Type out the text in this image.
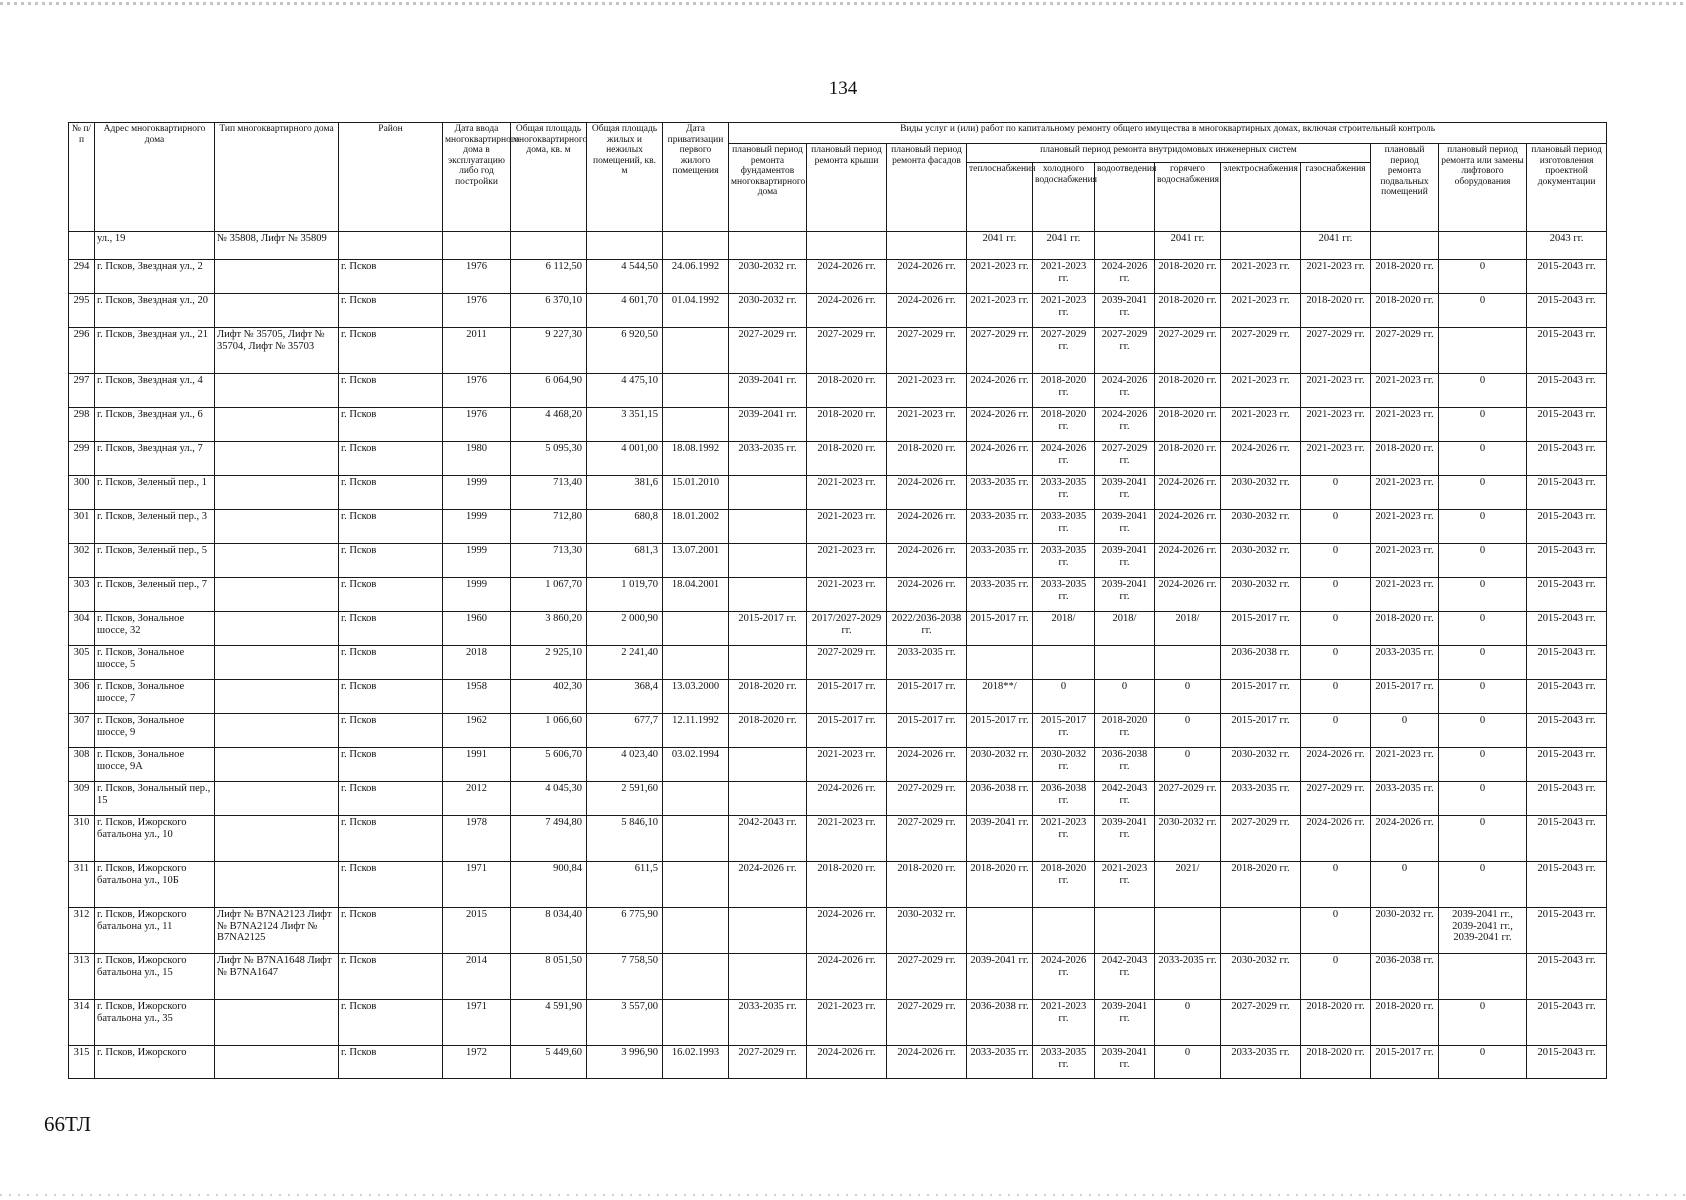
134
№ п/п	Адрес многоквартирного дома	Тип многоквартирного дома	Район	Дата ввода многоквартирного дома в эксплуатацию либо год постройки	Общая площадь многоквартирного дома, кв. м	Общая площадь жилых и нежилых помещений, кв. м	Дата приватизации первого жилого помещения	Виды услуг и (или) работ по капитальному ремонту общего имущества в многоквартирных домах, включая строительный контроль											
								плановый период ремонта фундаментов многоквартирного дома	плановый период ремонта крыши	плановый период ремонта фасадов	плановый период ремонта внутридомовых инженерных систем						плановый период ремонта подвальных помещений	плановый период ремонта или замены лифтового оборудования	плановый период изготовления проектной документации
											теплоснабжения	холодного водоснабжения	водоотведения	горячего водоснабжения	электроснабжения	газоснабжения			
	ул., 19	№ 35808, Лифт № 35809									2041 гг.	2041 гг.		2041 гг.		2041 гг.			2043 гг.
294	г. Псков, Звездная ул., 2		г. Псков	1976	6 112,50	4 544,50	24.06.1992	2030-2032 гг.	2024-2026 гг.	2024-2026 гг.	2021-2023 гг.	2021-2023 гг.	2024-2026 гг.	2018-2020 гг.	2021-2023 гг.	2021-2023 гг.	2018-2020 гг.	0	2015-2043 гг.
295	г. Псков, Звездная ул., 20		г. Псков	1976	6 370,10	4 601,70	01.04.1992	2030-2032 гг.	2024-2026 гг.	2024-2026 гг.	2021-2023 гг.	2021-2023 гг.	2039-2041 гг.	2018-2020 гг.	2021-2023 гг.	2018-2020 гг.	2018-2020 гг.	0	2015-2043 гг.
296	г. Псков, Звездная ул., 21	Лифт № 35705, Лифт № 35704, Лифт № 35703	г. Псков	2011	9 227,30	6 920,50		2027-2029 гг.	2027-2029 гг.	2027-2029 гг.	2027-2029 гг.	2027-2029 гг.	2027-2029 гг.	2027-2029 гг.	2027-2029 гг.	2027-2029 гг.	2027-2029 гг.		2015-2043 гг.
297	г. Псков, Звездная ул., 4		г. Псков	1976	6 064,90	4 475,10		2039-2041 гг.	2018-2020 гг.	2021-2023 гг.	2024-2026 гг.	2018-2020 гг.	2024-2026 гг.	2018-2020 гг.	2021-2023 гг.	2021-2023 гг.	2021-2023 гг.	0	2015-2043 гг.
298	г. Псков, Звездная ул., 6		г. Псков	1976	4 468,20	3 351,15		2039-2041 гг.	2018-2020 гг.	2021-2023 гг.	2024-2026 гг.	2018-2020 гг.	2024-2026 гг.	2018-2020 гг.	2021-2023 гг.	2021-2023 гг.	2021-2023 гг.	0	2015-2043 гг.
299	г. Псков, Звездная ул., 7		г. Псков	1980	5 095,30	4 001,00	18.08.1992	2033-2035 гг.	2018-2020 гг.	2018-2020 гг.	2024-2026 гг.	2024-2026 гг.	2027-2029 гг.	2018-2020 гг.	2024-2026 гг.	2021-2023 гг.	2018-2020 гг.	0	2015-2043 гг.
300	г. Псков, Зеленый пер., 1		г. Псков	1999	713,40	381,6	15.01.2010		2021-2023 гг.	2024-2026 гг.	2033-2035 гг.	2033-2035 гг.	2039-2041 гг.	2024-2026 гг.	2030-2032 гг.	0	2021-2023 гг.	0	2015-2043 гг.
301	г. Псков, Зеленый пер., 3		г. Псков	1999	712,80	680,8	18.01.2002		2021-2023 гг.	2024-2026 гг.	2033-2035 гг.	2033-2035 гг.	2039-2041 гг.	2024-2026 гг.	2030-2032 гг.	0	2021-2023 гг.	0	2015-2043 гг.
302	г. Псков, Зеленый пер., 5		г. Псков	1999	713,30	681,3	13.07.2001		2021-2023 гг.	2024-2026 гг.	2033-2035 гг.	2033-2035 гг.	2039-2041 гг.	2024-2026 гг.	2030-2032 гг.	0	2021-2023 гг.	0	2015-2043 гг.
303	г. Псков, Зеленый пер., 7		г. Псков	1999	1 067,70	1 019,70	18.04.2001		2021-2023 гг.	2024-2026 гг.	2033-2035 гг.	2033-2035 гг.	2039-2041 гг.	2024-2026 гг.	2030-2032 гг.	0	2021-2023 гг.	0	2015-2043 гг.
304	г. Псков, Зональное шоссе, 32		г. Псков	1960	3 860,20	2 000,90		2015-2017 гг.	2017/2027-2029 гг.	2022/2036-2038 гг.	2015-2017 гг.	2018/	2018/	2018/	2015-2017 гг.	0	2018-2020 гг.	0	2015-2043 гг.
305	г. Псков, Зональное шоссе, 5		г. Псков	2018	2 925,10	2 241,40			2027-2029 гг.	2033-2035 гг.					2036-2038 гг.	0	2033-2035 гг.	0	2015-2043 гг.
306	г. Псков, Зональное шоссе, 7		г. Псков	1958	402,30	368,4	13.03.2000	2018-2020 гг.	2015-2017 гг.	2015-2017 гг.	2018**/	0	0	0	2015-2017 гг.	0	2015-2017 гг.	0	2015-2043 гг.
307	г. Псков, Зональное шоссе, 9		г. Псков	1962	1 066,60	677,7	12.11.1992	2018-2020 гг.	2015-2017 гг.	2015-2017 гг.	2015-2017 гг.	2015-2017 гг.	2018-2020 гг.	0	2015-2017 гг.	0	0	0	2015-2043 гг.
308	г. Псков, Зональное шоссе, 9А		г. Псков	1991	5 606,70	4 023,40	03.02.1994		2021-2023 гг.	2024-2026 гг.	2030-2032 гг.	2030-2032 гг.	2036-2038 гг.	0	2030-2032 гг.	2024-2026 гг.	2021-2023 гг.	0	2015-2043 гг.
309	г. Псков, Зональный пер., 15		г. Псков	2012	4 045,30	2 591,60			2024-2026 гг.	2027-2029 гг.	2036-2038 гг.	2036-2038 гг.	2042-2043 гг.	2027-2029 гг.	2033-2035 гг.	2027-2029 гг.	2033-2035 гг.	0	2015-2043 гг.
310	г. Псков, Ижорского батальона ул., 10		г. Псков	1978	7 494,80	5 846,10		2042-2043 гг.	2021-2023 гг.	2027-2029 гг.	2039-2041 гг.	2021-2023 гг.	2039-2041 гг.	2030-2032 гг.	2027-2029 гг.	2024-2026 гг.	2024-2026 гг.	0	2015-2043 гг.
311	г. Псков, Ижорского батальона ул., 10Б		г. Псков	1971	900,84	611,5		2024-2026 гг.	2018-2020 гг.	2018-2020 гг.	2018-2020 гг.	2018-2020 гг.	2021-2023 гг.	2021/	2018-2020 гг.	0	0	0	2015-2043 гг.
312	г. Псков, Ижорского батальона ул., 11	Лифт № B7NA2123 Лифт № B7NA2124 Лифт № B7NA2125	г. Псков	2015	8 034,40	6 775,90			2024-2026 гг.	2030-2032 гг.						0	2030-2032 гг.	2039-2041 гг., 2039-2041 гг., 2039-2041 гг.	2015-2043 гг.
313	г. Псков, Ижорского батальона ул., 15	Лифт № B7NA1648 Лифт № B7NA1647	г. Псков	2014	8 051,50	7 758,50			2024-2026 гг.	2027-2029 гг.	2039-2041 гг.	2024-2026 гг.	2042-2043 гг.	2033-2035 гг.	2030-2032 гг.	0	2036-2038 гг.		2015-2043 гг.
314	г. Псков, Ижорского батальона ул., 35		г. Псков	1971	4 591,90	3 557,00		2033-2035 гг.	2021-2023 гг.	2027-2029 гг.	2036-2038 гг.	2021-2023 гг.	2039-2041 гг.	0	2027-2029 гг.	2018-2020 гг.	2018-2020 гг.	0	2015-2043 гг.
315	г. Псков, Ижорского		г. Псков	1972	5 449,60	3 996,90	16.02.1993	2027-2029 гг.	2024-2026 гг.	2024-2026 гг.	2033-2035 гг.	2033-2035 гг.	2039-2041 гг.	0	2033-2035 гг.	2018-2020 гг.	2015-2017 гг.	0	2015-2043 гг.
66ТЛ
